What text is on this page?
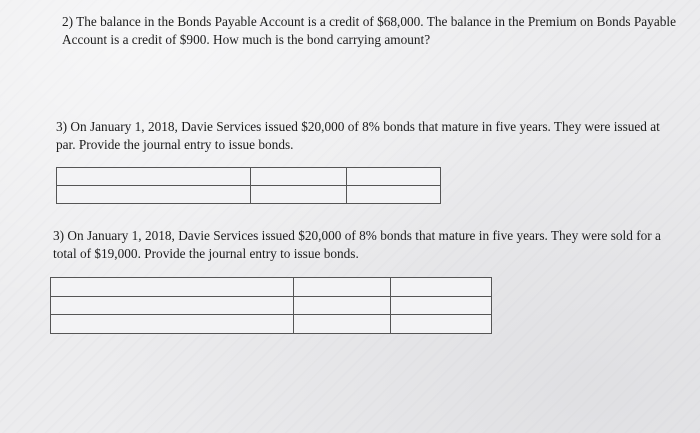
2) The balance in the Bonds Payable Account is a credit of $68,000. The balance in the Premium on Bonds Payable Account is a credit of $900. How much is the bond carrying amount?

3) On January 1, 2018, Davie Services issued $20,000 of 8% bonds that mature in five years. They were issued at par. Provide the journal entry to issue bonds.

3) On January 1, 2018, Davie Services issued $20,000 of 8% bonds that mature in five years. They were sold for a total of $19,000. Provide the journal entry to issue bonds.
